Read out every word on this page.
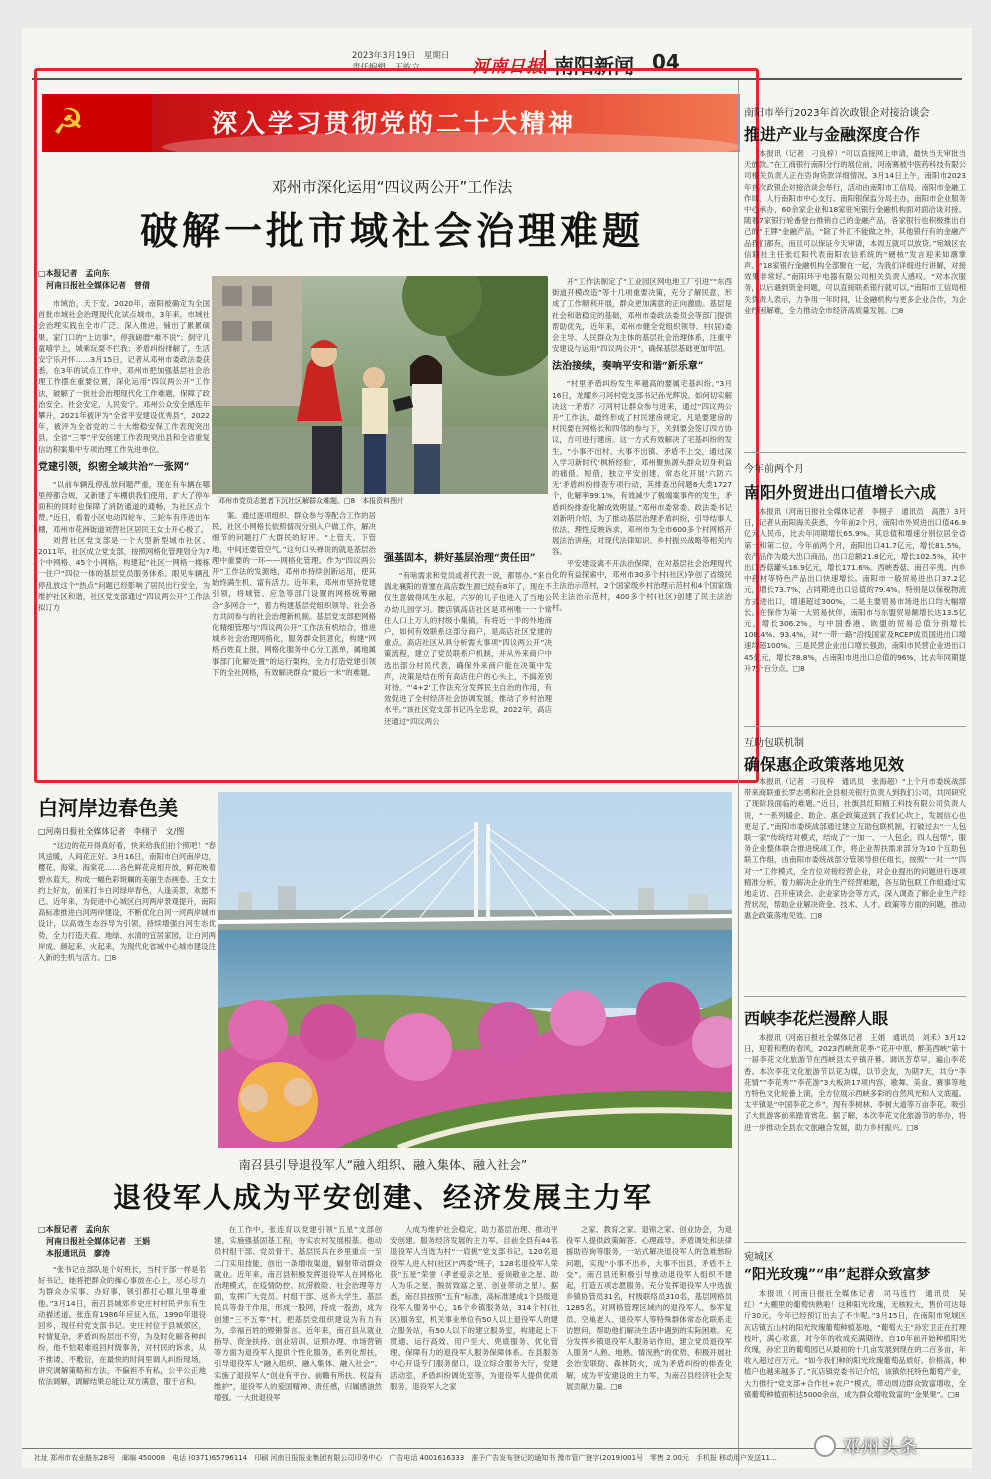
2023年3月19日　星期日
责任编辑　王屹立	河南日报 南阳新闻 04
☭	深入学习贯彻党的二十大精神
邓州市深化运用“四议两公开”工作法
破解一批市域社会治理难题
□本报记者　孟向东
　河南日报社全媒体记者　曾倩

市域治，天下安。2020年，南阳被确定为全国首批市域社会治理现代化试点城市，3年来，市域社会治理实践在全市广泛、深入推进，铺出了累累硕果。家门口的“上访事”，停我磋磨“难不说”；倒守儿童嘻学上，城乘玩耍不拦我；矛盾纠纷排解了，生活安宁乐开怀……3月15日，记者从邓州市委政法委获悉，在3年的试点工作中，邓州市把加强基层社会治理工作摆在重要位置，深化运用“四议两公开”工作法，破解了一批社会治理现代化工作难题，保障了政治安全、社会安定、人民安宁。邓州公众安全感连年攀升，2021年被评为“全省平安建设优秀县”，2022年，被评为全省党的二十大维稳安保工作表现突出县，全省“三零”平安创建工作表现突出县和全省重复信访积案集中专项治理工作先进单位。

党建引领，织密全域共治“一张网”

“以前车辆乱停乱放问题严重，现在有车辆在哪里停都合规，又新建了车棚供我们使用，扩大了停车面积的同时也保障了消防通道的通畅，为社区点个赞。”近日，看着小区电动四轮车、三轮车有序进出车棚，邓州市花洲街道刘营社区居民王女士开心极了。

刘营社区党支部是一个大型新型城市社区。2011年，社区成立党支部，按照网格化管理划分为7个中网格、45个小网格，构建起“社区一网格一楼栋一住户”四位一体的基层党员服务体系。眼见车辆乱停乱放这个“热点”问题已经影响了居民出行安全，为维护社区和谐，社区党支部通过“四议两公开”工作法拟订方

邓州市党员志愿者下沉社区解群众难题。□8　本报资料图片

案。通过逐项组织、群众参与等配合工作的居民，社区小网格长依照情况分别入户做工作，解决细节的问题打广大群民的好评。“上管天、下管地，中间还要管空气。”这句口头禅说的就是基层治理中重要的一环——网格化管理。作为“四议两公开”工作法的发源地，邓州市持续创新运用，使其始终满生机、富有活力。近年来，邓州市坚持党建引领，将城管、应急等部门设置的网格统筹融合“多网合一”，着力构建基层党组织领导、社会各方共同参与的社会治理新机制。基层党支部把网格化精细管理与“四议两公开”工作法有机结合，推进城乡社会治理网格化，服务群众但意化，构建“网格百姓直上报，网格化服务中心分工派单，属地属事部门化解处置”的运行架构，全力打造党建引领下的全社网格，有效解决群众“最后一米”的难题。

强基固本，耕好基层治理“责任田”

“有啥需求和党员或者代表一说，都帮办。”来自湍北襄阳的青塞在高店数生源已经有8年了，现在不仅生意做得风生水起，六岁的儿子也进入了当地公办幼儿园学习。腰店镇高店社区是邓州唯一一个常住人口上万人的村级小集镇，有将近一半的外地商户，如何有效联系这部分商户，是高店社区党建的重点。高店社区从具分析需大事项“四议两公开”决策流程，建立了党员联系户机制，并从外来商户中选出部分村民代表，确保外来商户能在决策中发声，决策是结在所有高店住户的心头上，不搞差别对待。“‘4+2’工作法充分发挥民主自治的作用，有效促进了全村经济社会协调发展，推动了乡村治理水平。”该社区党支部书记冯全忠说，2022年，高店还通过“四议两公

开”工作法制定了“工业园区网电地工厂引进”“东西街道开模改造”等十几项重要决策，充分了解民意，形成了工作顺利开展，群众更加满意的正向激励。基层是社会和谐稳定的基础，邓州市委政法委员会等部门提供帮助优先，近年来，邓州市健全党组织领导、村(居)委会主导、人民群众为主体的基层社会治理体系，注重平安建设与运用“四议两公开”，确保基层基础更加牢固。

法治接续，奏响平安和谐“新乐章”

“村里矛盾纠纷发生率越高的要属宅基纠纷。”3月16日，龙耀乡刁河村党支部书记孙光辉说。如何切实解决这一矛盾？刁河村让群众参与进来，通过“四议两公开”工作法，最终形成了村民建房规定。凡是要建房的村民要在网格长和四邻的参与下，关到要会签订四方协议，方可进行建房。这一方式有效解决了宅基纠纷的发生。“小事不出村、大事不出镇、矛盾不上交，通过深入学习新时代‘枫桥经验’，邓州聚焦源头群众切身利益的痛借、短借，独立平安创建，常态化开展‘六防六无’矛盾纠纷排查专项行动，其排查出问题6大类1727个，化解率99.1%，有效减少了极端案事件的发生，矛盾纠纷排查化解成效明显。”邓州市委常委、政法委书记刘新明介绍，为了推动基层治理矛盾纠纷，引导结事人依法、理性反映诉求，邓州市为全市600多个村网格开展法治讲座，对现代法律知识、乡村振兴战略等相关内容。

平安建设离不开法治保障，在对基层社会治理现代化的有益探索中，邓州市30多个村(社区)争创了省级民主法治示范村，2个国家级乡村治理示范村和4个国家级民主法治示范村，400多个村(社区)创建了民主法治村。

南阳市举行2023年首次政银企对接洽谈会
推进产业与金融深度合作

本报讯（记者　刁良梓）“可以直接网上申请，最快当天审批当天放款。”在工商银行南阳分行的展位前，河南赛被中医药科技有限公司相关负责人正在咨询贷款详细情况。3月14日上午，南阳市2023年首次政银企对接洽谈会举行，活动由南阳市工信局、南阳市金融工作局、人行南阳市中心支行、南阳银保监分局主办，南阳市企业服务中心承办，60余家企业和18家驻宛银行金融机构面对面洽谈对接。随着7家银行轮番登台推销自己的金融产品，各家银行也积极推出自己的“王牌”金融产品，“除了外汇不能做之外，其他银行有的金融产品我们都有，而且可以保证今天审请，本周五就可以放贷。”宛城区农信联社主任张红阳代表南阳农信系统的“硬核”发言迎来如潮掌声。“18家银行金融机构全部聚在一起，为我们详细进行讲解，对接效果非常好。”南阳环宇电器有限公司相关负责人感叹。“对本次服务，以后遇到资金问题，可以直接联系银行就可以。”南阳市工信局相关负责人表示，力争用一年时间，让金融机构与更多企业合作，为企业纾困解难，全力推动全市经济高质量发展。□8

今年前两个月
南阳外贸进出口值增长六成

本报讯（河南日报社全媒体记者　李栩子　通讯员　高胜）3月日，记者从南阳海关获悉，今年前2个月，南阳市外贸进出口值46.9亿元人民币，比去年同期增长65.9%。其总值和增速分别位居全省第一和第二位。今年前两个月，南阳出口41.7亿元，增长81.5%，农产品作为最大出口商品，出口总额21.8亿元，增长102.5%，其中出口香菇罐头16.9亿元，增长171.6%。西峡香菇、南召辛夷、内乡中药材等特色产品出口快速增长。南阳市一般贸易进出口37.2亿元，增长73.7%，占同期进出口总值的79.4%。特别是以保税物流方式进出口，增速超过300%，二是主要贸易市场进出口均大幅增长。在保作为第一大贸易伙伴，南阳市与东盟贸易额增长达13.5亿元，增长306.2%，与中国香港、欧盟的贸易总值分别增长108.4%、93.4%，对“一带一路”沿线国家及RCEP成员国进出口增速均超100%。三是民营企业出口增长强劲，南阳市民营企业进出口45亿元，增长78.8%，占南阳市进出口总值的96%，比去年同期提升7个百分点。□8

互助包联机制
确保惠企政策落地见效

本报讯（记者　刁良梓　通讯员　张海超）“上个月市委统战部带来商联重长罗志勇和社会县相关银行负责人到我们公司，共同研究了现阶段面临的难题。”近日，社旗县红阳精工科技有限公司负责人说，“一系列暖企、助企、惠企政策送到了我们心坎上，发展信心也更足了。”南阳市委统战部通过建立互助包联机制，打破过去“一人包联一家”传统结对模式，结成了“一加一、一人包企，四人包帮”，服务企业整体联合推进统战工作，将企业帮扶需求部分为10个互助包联工作组，由南阳市委统战部分管领导担任组长，按照“一对一”“四对一”工作模式，全方位对接经营企业，对企业提出的问题进行逐项精准分析，着力解决企业的生产经营难题，各互助包联工作组通过实地走访、召开座谈会、企业家协会等方式，深入调查了解企业生产经营状况，帮助企业解决资金、技术、人才、政策等方面的问题，推动惠企政策落地见效。□8

西峡李花烂漫醉人眼

本报讯（河南日报社全媒体记者　王娟　通讯员　刘禾）3月12日，迎着和煦的春风，2023西峡赏花季·“花开中原，醉美西峡”第十一届李花文化旅游节在西峡县太平镇开幕。调讯芳草早，遍山李花香。本次李花文化旅游节以花为媒，以节会友，为期7天，共分“李花情”“李花秀”“李花游”3大板块17项内容，歌舞、美食、赛事等地方特色文化轮番上演，全方位展示西峡多彩的自然风光和人文底蕴。太平镇是“中国李花之乡”，现有李树林、李树大道等万亩李花，吸引了大批游客前来踏青赏花。据了解，本次李花文化旅游节的举办，将进一步推动全县农文旅融合发展，助力乡村振兴。□8

宛城区
“阳光玫瑰”“串”起群众致富梦

本报讯（河南日报社全媒体记者　司马连竹　通讯员　吴红）“大棚里的葡萄快熟啦！这种阳光玫瑰，无核粒大，售价可达每斤30元，今年已经预订出去了不少呢。”3月15日，在南阳市宛城区瓦店镇五山村的阳光玫瑰葡萄种植基地，“葡萄大王”孙宏卫正在打理枝叶，满心欢喜，对今年的收成充满期待。自10年前开始种植阳光玫瑰，孙宏卫的葡萄园已从最初的十几亩发展到现在的二百多亩，年收入超过百万元。“如今我们种的阳光玫瑰葡萄品质好、价格高，种植户也越来越多了。”瓦店镇党委书记介绍，该镇依托特色葡萄产业，大力推行“党支部+合作社+农户”模式，带动周边群众致富增收，全镇葡萄种植面积达5000余亩，成为群众增收致富的“金果果”。□8

白河岸边春色美
□河南日报社全媒体记者　李栩子　文/图

“这边的花开得真好看，快来给我们拍个照吧！”春风送暖，人间花正好。3月16日，南阳市白河南岸边，樱花、海棠、海棠花……各色鲜花竞相开放，鲜花映着碧水蓝天，构成一幅色彩斑斓的美丽生态画卷。王女士约上好友，前来打卡白河绿岸春色，人逢美景，欢愿不已。近年来，为促进中心城区白河两岸景观提升，南阳高标准推进白河两岸建设，不断优化白河一河两岸城市设计，以高效生态谷导为引领，持续增强白河生态优势，全力打造天蓝、地绿、水清的宜居家园，让白河两岸成、颜起来、火起来，为现代化省域中心城市建设注入新的生机与活力。□8

南召县引导退役军人“融入组织、融入集体、融入社会”
退役军人成为平安创建、经济发展主力军
□本报记者　孟向东
　河南日报社全媒体记者　王娟
　本报通讯员　廖涛

“张书记在部队是个好班长，当村干部一样是名好书记，她将把群众的操心事放在心上，尽心尽力为群众办实事、办好事，领引都打心眼儿里尊重他。”3月14日，南召县城郊乡史庄村村民尹东有生动描述道。张连育1986年应征入伍，1990年退役回乡，现任村党支部书记。史庄村位于县城郊区，村情复杂，矛盾纠纷层出不穷，为及时化解各种纠纷，他不怕艰难返回村级事务，对村民的诉求，从不推诿，不敷衍，在最快的时间里调人纠纷现场，讲究调解策略和方法，不偏袒不有私，公平公正地依法调解，调解结果总能让双方满意，服于言和。

在工作中，张连育以党建引领“五星”支部创建，实施强基固基工程，夯实农村发展根基。他动员村组干部、党员骨干、基层民兵在乡里重点一至二门实用技能，创出一条增收渠道，辐射带动群众就业。近年来，南召县积极发挥退役军人在网格化治理模式，在疫情防控、抗涝救险、社会治理等方面，发挥广大党员、村组干部、返乡大学生、基层民兵等骨干作用，形成一股网，持成一股劲，成为创建“三不五零”村，把基层党组织建设为有力有为，幸福百姓的铿锵誓言。近年来，南召县从就业指导、资金扶持、创业培训、证照办理、市场营销等方面为退役军人提供个性化服务，系列化帮扶，引导退役军人“融入组织、融入集体、融入社会”。实施了退役军人“创业有平台、前瞻有所扶、权益有维护”，退役军人的爱国精神、责任感，归属感油然增强。一大批退役军

人成为维护社会稳定、助力基层治理、推动平安创建、服务经济发展的主力军。目前全县有44名退役军人当选为村“一肩挑”党支部书记，120名退役军人进入村(社区)“两委”班子，128名退役军人荣获“五星”荣誉（孝老爱亲之星、爱岗敬业之星、助人为乐之星、脱贫致富之星、创业带动之星）。据悉，南召县按照“五有”标准，高标准建成1个县级退役军人服务中心，16个乡镇服务站，314个村(社区)服务室，机关事业单位有50人以上退役军人的建立服务站，有50人以下的建立服务室，构建起上下贯通、运行高效、用户至大、兜底服务、优化管理、保障有力的退役军人服务保障体系。在县服务中心开设专门服务窗口，设立综合服务大厅，党建活动室，矛盾纠纷调处室等，为退役军人提供优质服务，退役军人之家

之家、教育之家、退锦之家、创业协会，为退役军人提供政策解答、心理疏导、矛盾调处和法律援助咨询等服务，一站式解决退役军人的急难愁盼问题，实现“小事不出乡，大事不出县，矛盾不上交”。南召县还积极引导推动退役军人组织不建起，打造五项志愿服务。充分发挥退役军人中选拔乡镇协管员31名，村级联络员310名，基层网格员1285名，对网格管理区域内的退役军人、参军复员、空巢老人、退役军人等特殊群体常态化联系走访慰问，帮助他们解决生活中遇到的实际困难。充分发挥乡镇退役军人服务站作用，建立党员退役军人服务“人熟、地熟、情况熟”的优势，积极开展社会治安联防、森林防火，成为矛盾纠纷的排查化解，成为平安建设的主力军，为南召县经济社会发展贡献力量。□8

社址 郑州市农业路东28号　邮编 450008　电话 (0371)65796114　印刷 河南日报报业集团有限公司印务中心　广告电话 4001616333　准予广告发布登记的通知书 豫市管广登字(2019)001号　零售 2.00元　手机报 移动用户发送11…	邓州头条
